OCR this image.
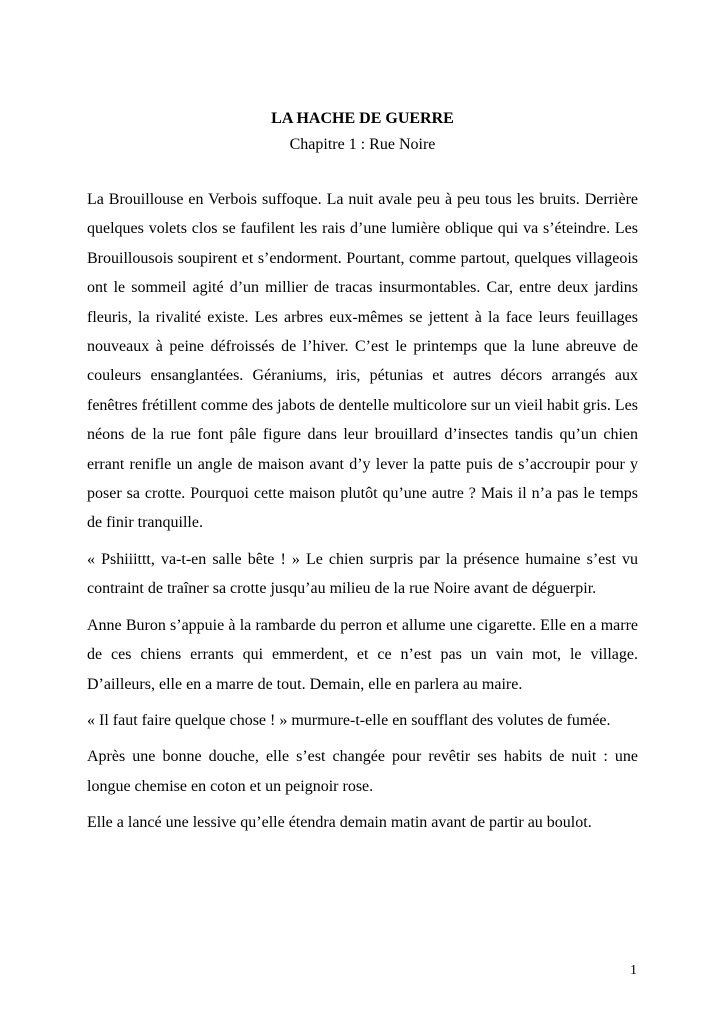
LA HACHE DE GUERRE
Chapitre 1 : Rue Noire

La Brouillouse en Verbois suffoque. La nuit avale peu à peu tous les bruits. Derrière quelques volets clos se faufilent les rais d’une lumière oblique qui va s’éteindre. Les Brouillousois soupirent et s’endorment. Pourtant, comme partout, quelques villageois ont le sommeil agité d’un millier de tracas insurmontables. Car, entre deux jardins fleuris, la rivalité existe. Les arbres eux-mêmes se jettent à la face leurs feuillages nouveaux à peine défroissés de l’hiver. C’est le printemps que la lune abreuve de couleurs ensanglantées. Géraniums, iris, pétunias et autres décors arrangés aux fenêtres frétillent comme des jabots de dentelle multicolore sur un vieil habit gris. Les néons de la rue font pâle figure dans leur brouillard d’insectes tandis qu’un chien errant renifle un angle de maison avant d’y lever la patte puis de s’accroupir pour y poser sa crotte. Pourquoi cette maison plutôt qu’une autre ? Mais il n’a pas le temps de finir tranquille.

« Pshiiittt, va-t-en salle bête ! » Le chien surpris par la présence humaine s’est vu contraint de traîner sa crotte jusqu’au milieu de la rue Noire avant de déguerpir.

Anne Buron s’appuie à la rambarde du perron et allume une cigarette. Elle en a marre de ces chiens errants qui emmerdent, et ce n’est pas un vain mot, le village. D’ailleurs, elle en a marre de tout. Demain, elle en parlera au maire.

« Il faut faire quelque chose ! » murmure-t-elle en soufflant des volutes de fumée.

Après une bonne douche, elle s’est changée pour revêtir ses habits de nuit : une longue chemise en coton et un peignoir rose.

Elle a lancé une lessive qu’elle étendra demain matin avant de partir au boulot.

1
